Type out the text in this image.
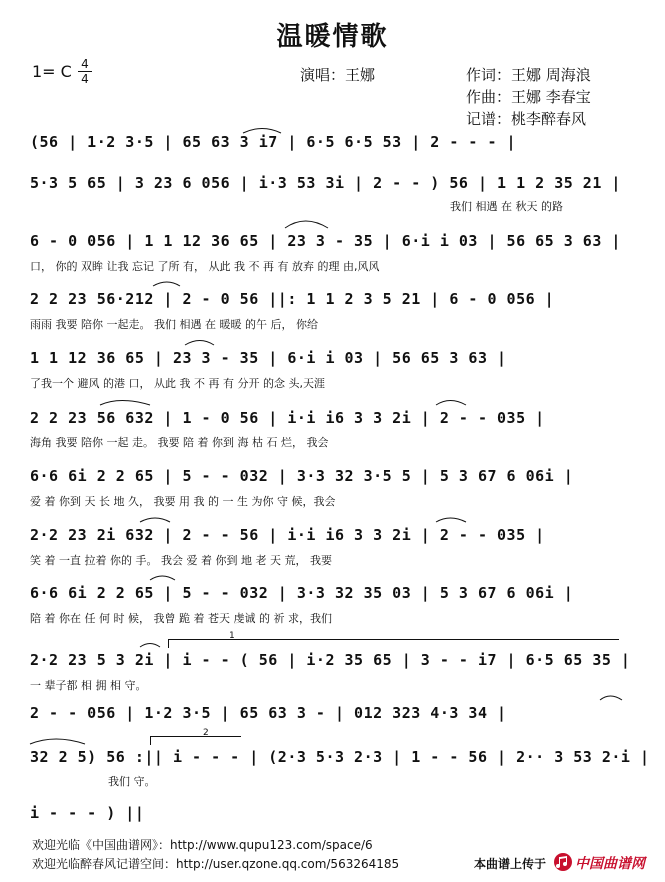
温暖情歌
演唱：王娜	作词：王娜 周海浪
作曲：王娜 李春宝
记谱：桃李醉春风
1= C 4
4
(56 | 1·2 3·5 | 65 63 3 i7 | 6·5 6·5 53 | 2 - - - |
5·3 5 65 | 3 23 6 056 | i·3 53 3i | 2 - - ) 56 | 1 1 2 35 21 |
我们 相遇 在 秋天 的路
6 - 0 056 | 1 1 12 36 65 | 23 3 - 35 | 6·i i 03 | 56 65 3 63 |
口， 你的 双眸 让我 忘记 了所 有， 从此 我 不 再 有 放弃 的理 由,风风
2 2 23 56·212 | 2 - 0 56 ||: 1 1 2 3 5 21 | 6 - 0 056 |
雨雨 我要 陪你 一起走。 我们 相遇 在 暖暖 的午 后， 你给
1 1 12 36 65 | 23 3 - 35 | 6·i i 03 | 56 65 3 63 |
了我一个 避风 的港 口， 从此 我 不 再 有 分开 的念 头,天涯
2 2 23 56 632 | 1 - 0 56 | i·i i6 3 3 2i | 2 - - 035 |
海角 我要 陪你 一起 走。 我要 陪 着 你到 海 枯 石 烂， 我会
6·6 6i 2 2 65 | 5 - - 032 | 3·3 32 3·5 5 | 5 3 67 6 06i |
爱 着 你到 天 长 地 久， 我要 用 我 的 一 生 为你 守 候，我会
2·2 23 2i 632 | 2 - - 56 | i·i i6 3 3 2i | 2 - - 035 |
笑 着 一直 拉着 你的 手。 我会 爱 着 你到 地 老 天 荒， 我要
6·6 6i 2 2 65 | 5 - - 032 | 3·3 32 35 03 | 5 3 67 6 06i |
陪 着 你在 任 何 时 候， 我曾 跪 着 苍天 虔诚 的 祈 求，我们
2·2 23 5 3 2i | i - - ( 56 | i·2 35 65 | 3 - - i7 | 6·5 65 35 |
一 辈子都 相 拥 相 守。
2 - - 056 | 1·2 3·5 | 65 63 3 - | 012 323 4·3 34 |
32 2 5) 56 :|| i - - - | (2·3 5·3 2·3 | 1 - - 56 | 2·· 3 53 2·i |
我们 守。
i - - - ) ||
1
2
欢迎光临《中国曲谱网》：http://www.qupu123.com/space/6
欢迎光临醉春风记谱空间：http://user.qzone.qq.com/563264185	本曲谱上传于 中国曲谱网
